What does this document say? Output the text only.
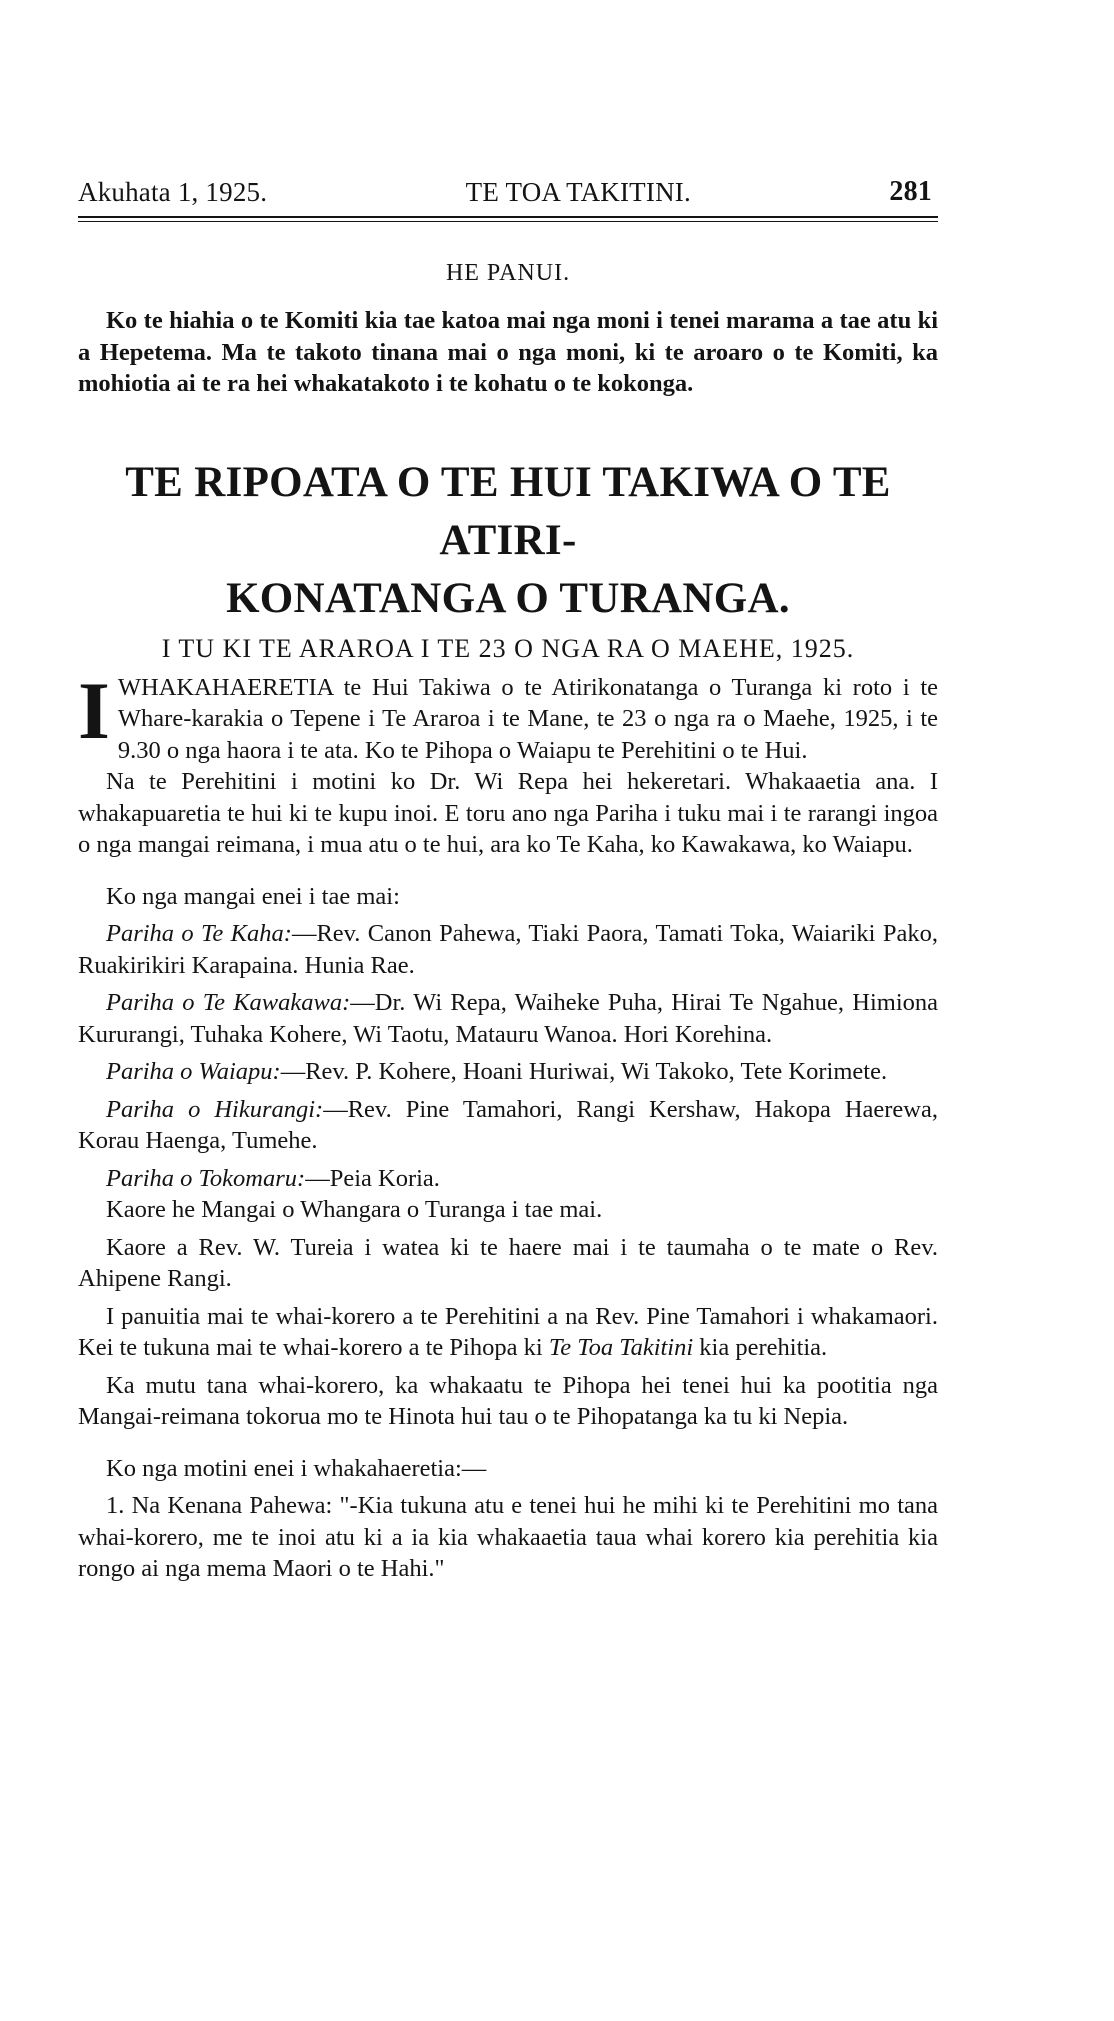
Akuhata 1, 1925.	TE TOA TAKITINI.	281
HE PANUI.

Ko te hiahia o te Komiti kia tae katoa mai nga moni i tenei marama a tae atu ki a Hepetema. Ma te takoto tinana mai o nga moni, ki te aroaro o te Komiti, ka mohiotia ai te ra hei whakatakoto i te kohatu o te kokonga.

TE RIPOATA O TE HUI TAKIWA O TE ATIRI-
KONATANGA O TURANGA.
I TU KI TE ARAROA I TE 23 O NGA RA O MAEHE, 1925.

IWHAKAHAERETIA te Hui Takiwa o te Atirikonatanga o Turanga ki roto i te Whare-karakia o Tepene i Te Araroa i te Mane, te 23 o nga ra o Maehe, 1925, i te 9.30 o nga haora i te ata. Ko te Pihopa o Waiapu te Perehitini o te Hui.

Na te Perehitini i motini ko Dr. Wi Repa hei hekeretari. Whakaaetia ana. I whakapuaretia te hui ki te kupu inoi. E toru ano nga Pariha i tuku mai i te rarangi ingoa o nga mangai reimana, i mua atu o te hui, ara ko Te Kaha, ko Kawakawa, ko Waiapu.

Ko nga mangai enei i tae mai:

Pariha o Te Kaha:—Rev. Canon Pahewa, Tiaki Paora, Tamati Toka, Waiariki Pako, Ruakirikiri Karapaina. Hunia Rae.

Pariha o Te Kawakawa:—Dr. Wi Repa, Waiheke Puha, Hirai Te Ngahue, Himiona Kururangi, Tuhaka Kohere, Wi Taotu, Matauru Wanoa. Hori Korehina.

Pariha o Waiapu:—Rev. P. Kohere, Hoani Huriwai, Wi Takoko, Tete Korimete.

Pariha o Hikurangi:—Rev. Pine Tamahori, Rangi Kershaw, Hakopa Haerewa, Korau Haenga, Tumehe.

Pariha o Tokomaru:—Peia Koria.

Kaore he Mangai o Whangara o Turanga i tae mai.

Kaore a Rev. W. Tureia i watea ki te haere mai i te taumaha o te mate o Rev. Ahipene Rangi.

I panuitia mai te whai-korero a te Perehitini a na Rev. Pine Tamahori i whakamaori. Kei te tukuna mai te whai-korero a te Pihopa ki Te Toa Takitini kia perehitia.

Ka mutu tana whai-korero, ka whakaatu te Pihopa hei tenei hui ka pootitia nga Mangai-reimana tokorua mo te Hinota hui tau o te Pihopatanga ka tu ki Nepia.

Ko nga motini enei i whakahaeretia:—

1. Na Kenana Pahewa: "-Kia tukuna atu e tenei hui he mihi ki te Perehitini mo tana whai-korero, me te inoi atu ki a ia kia whakaaetia taua whai korero kia perehitia kia rongo ai nga mema Maori o te Hahi."
